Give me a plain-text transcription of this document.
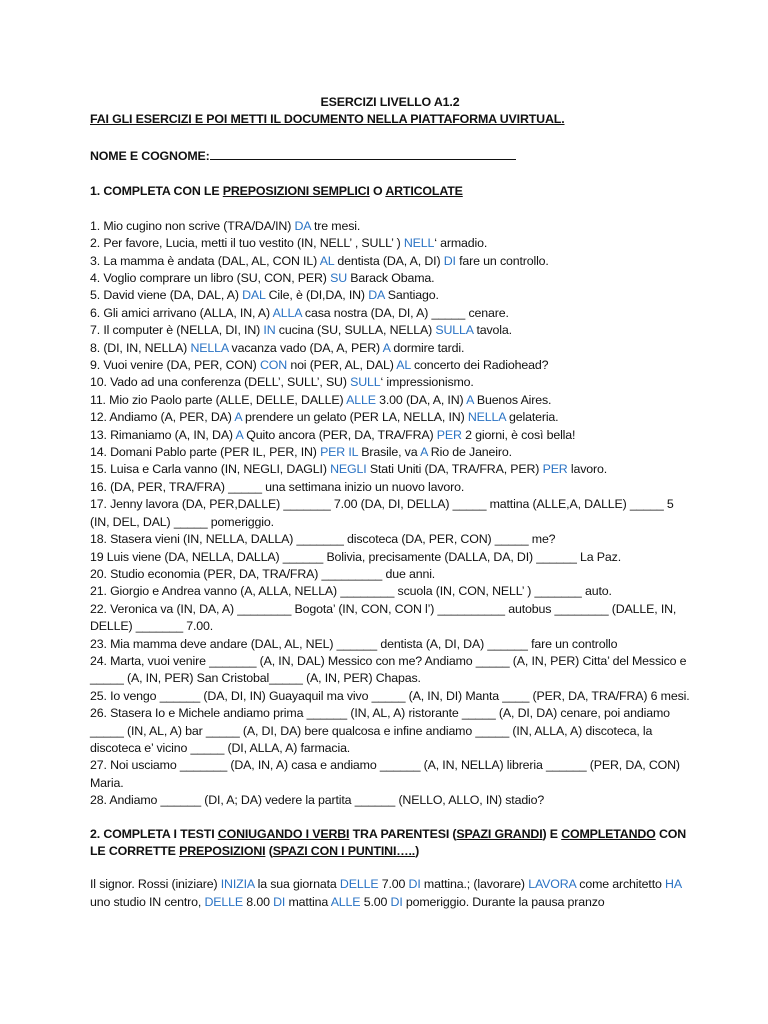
ESERCIZI LIVELLO A1.2
FAI GLI ESERCIZI E POI METTI IL DOCUMENTO NELLA PIATTAFORMA UVIRTUAL.
NOME E COGNOME:
1. COMPLETA CON LE PREPOSIZIONI SEMPLICI O ARTICOLATE
1. Mio cugino non scrive (TRA/DA/IN) DA tre mesi.
2. Per favore, Lucia, metti il tuo vestito (IN, NELL’ , SULL’ ) NELL‘ armadio.
3. La mamma è andata (DAL, AL, CON IL) AL dentista (DA, A, DI) DI fare un controllo.
4. Voglio comprare un libro (SU, CON, PER) SU Barack Obama.
5. David viene (DA, DAL, A) DAL Cile, è (DI,DA, IN) DA Santiago.
6. Gli amici arrivano (ALLA, IN, A) ALLA casa nostra (DA, DI, A) _____ cenare.
7. Il computer è (NELLA, DI, IN) IN cucina (SU, SULLA, NELLA) SULLA tavola.
8. (DI, IN, NELLA) NELLA vacanza vado (DA, A, PER) A dormire tardi.
9. Vuoi venire (DA, PER, CON) CON noi (PER, AL, DAL) AL concerto dei Radiohead?
10. Vado ad una conferenza (DELL’, SULL’, SU) SULL‘ impressionismo.
11. Mio zio Paolo parte (ALLE, DELLE, DALLE) ALLE 3.00 (DA, A, IN) A Buenos Aires.
12. Andiamo (A, PER, DA) A prendere un gelato (PER LA, NELLA, IN) NELLA gelateria.
13. Rimaniamo (A, IN, DA) A Quito ancora (PER, DA, TRA/FRA) PER 2 giorni, è così bella!
14. Domani Pablo parte (PER IL, PER, IN) PER IL Brasile, va A Rio de Janeiro.
15. Luisa e Carla vanno (IN, NEGLI, DAGLI) NEGLI Stati Uniti (DA, TRA/FRA, PER) PER lavoro.
16. (DA, PER, TRA/FRA) _____ una settimana inizio un nuovo lavoro.
17. Jenny lavora (DA, PER,DALLE) _______ 7.00 (DA, DI, DELLA) _____ mattina (ALLE,A, DALLE) _____ 5 (IN, DEL, DAL) _____ pomeriggio.
18. Stasera vieni (IN, NELLA, DALLA) _______ discoteca (DA, PER, CON) _____ me?
19 Luis viene (DA, NELLA, DALLA) ______ Bolivia, precisamente (DALLA, DA, DI) ______ La Paz.
20. Studio economia (PER, DA, TRA/FRA) _________ due anni.
21. Giorgio e Andrea vanno (A, ALLA, NELLA) ________ scuola (IN, CON, NELL’ ) _______ auto.
22. Veronica va (IN, DA, A) ________ Bogota’ (IN, CON, CON l’) __________ autobus ________ (DALLE, IN, DELLE) _______ 7.00.
23. Mia mamma deve andare (DAL, AL, NEL) ______ dentista (A, DI, DA) ______ fare un controllo
24. Marta, vuoi venire _______ (A, IN, DAL) Messico con me? Andiamo _____ (A, IN, PER) Citta’ del Messico e _____ (A, IN, PER) San Cristobal_____ (A, IN, PER) Chapas.
25. Io vengo ______ (DA, DI, IN) Guayaquil ma vivo _____ (A, IN, DI) Manta ____ (PER, DA, TRA/FRA) 6 mesi.
26. Stasera Io e Michele andiamo prima ______ (IN, AL, A) ristorante _____ (A, DI, DA) cenare, poi andiamo _____ (IN, AL, A) bar _____ (A, DI, DA) bere qualcosa e infine andiamo _____ (IN, ALLA, A) discoteca, la discoteca e’ vicino _____ (DI, ALLA, A) farmacia.
27. Noi usciamo _______ (DA, IN, A) casa e andiamo ______ (A, IN, NELLA) libreria ______ (PER, DA, CON) Maria.
28. Andiamo ______ (DI, A; DA) vedere la partita ______ (NELLO, ALLO, IN) stadio?
2. COMPLETA I TESTI CONIUGANDO I VERBI TRA PARENTESI (SPAZI GRANDI) E COMPLETANDO CON LE CORRETTE PREPOSIZIONI (SPAZI CON I PUNTINI…..)
Il signor. Rossi (iniziare) INIZIA la sua giornata DELLE 7.00 DI mattina.; (lavorare) LAVORA come architetto HA uno studio IN centro, DELLE 8.00 DI mattina ALLE 5.00 DI pomeriggio. Durante la pausa pranzo
